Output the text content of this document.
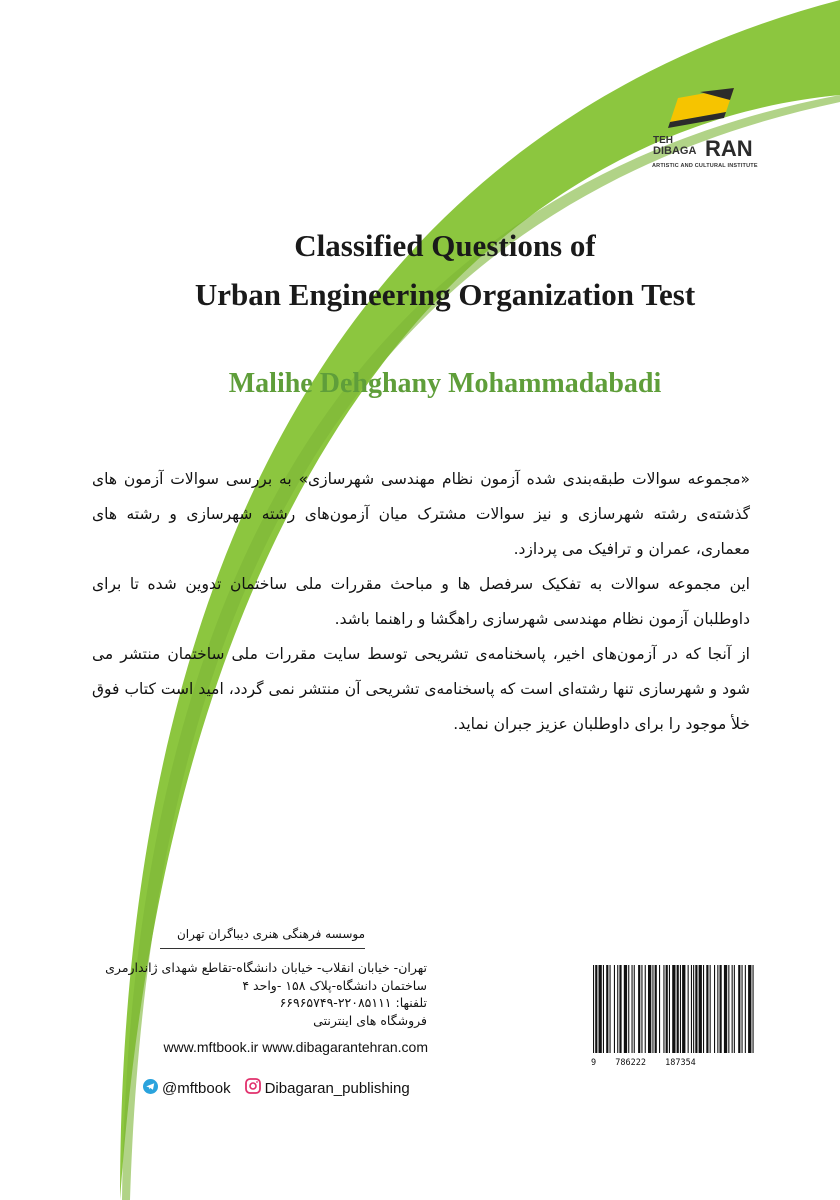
TEH
DIBAGA RAN
ARTISTIC AND CULTURAL INSTITUTE
Classified Questions of
Urban Engineering Organization Test
Malihe Dehghany Mohammadabadi

«مجموعه سوالات طبقه‌بندی شده آزمون نظام مهندسی شهرسازی» به بررسی سوالات آزمون های گذشته‌ی رشته شهرسازی و نیز سوالات مشترک میان آزمون‌های رشته شهرسازی و رشته های معماری، عمران و ترافیک می پردازد.

این مجموعه سوالات به تفکیک سرفصل ها و مباحث مقررات ملی ساختمان تدوین شده تا برای داوطلبان آزمون نظام مهندسی شهرسازی راهگشا و راهنما باشد.

از آنجا که در آزمون‌های اخیر، پاسخنامه‌ی تشریحی توسط سایت مقررات ملی ساختمان منتشر می شود و شهرسازی تنها رشته‌ای است که پاسخنامه‌ی تشریحی آن منتشر نمی گردد، امید است کتاب فوق خلأ موجود را برای داوطلبان عزیز جبران نماید.

موسسه فرهنگی هنری دیباگران تهران
تهران- خیابان انقلاب- خیابان دانشگاه-تقاطع شهدای ژاندارمری
ساختمان دانشگاه-پلاک ۱۵۸ -واحد ۴
تلفنها: ۲۲۰۸۵۱۱۱-۶۶۹۶۵۷۴۹
فروشگاه های اینترنتی
www.mftbook.ir www.dibagarantehran.com
@mftbook Dibagaran_publishing
9 786222 187354
